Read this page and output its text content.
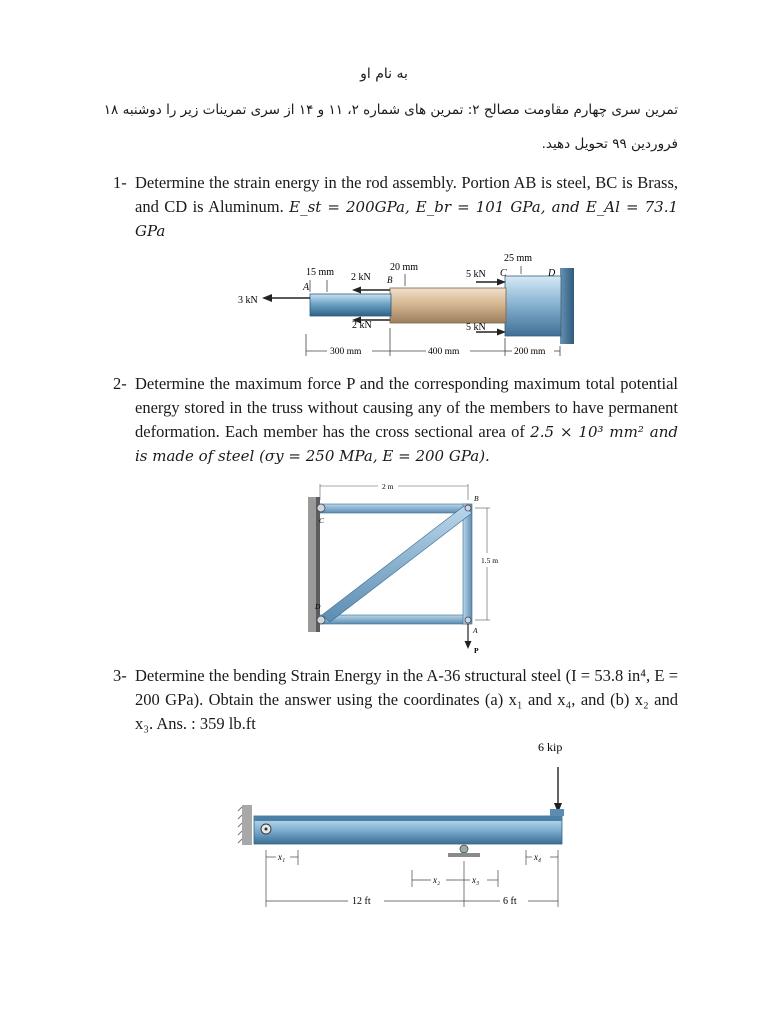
به نام او
تمرین سری چهارم مقاومت مصالح ۲: تمرین های شماره ۲، ۱۱ و ۱۴ از سری تمرینات زیر را دوشنبه ۱۸
فروردین ۹۹ تحویل دهید.
1- Determine the strain energy in the rod assembly. Portion AB is steel, BC is Brass, and CD is Aluminum. E_st = 200GPa, E_br = 101 GPa, and E_Al = 73.1 GPa
3 kN
A
B
C	D
15 mm	20 mm
25 mm
2 kN
2 kN
5 kN
5 kN
300 mm	400 mm	200 mm
2- Determine the maximum force P and the corresponding maximum total potential energy stored in the truss without causing any of the members to have permanent deformation. Each member has the cross sectional area of 2.5 × 10³ mm² and is made of steel (σy = 250 MPa, E = 200 GPa).
2 m
1.5 m
B
C
D
A
P
3- Determine the bending Strain Energy in the A-36 structural steel (I = 53.8 in⁴, E = 200 GPa). Obtain the answer using the coordinates (a) x₁ and x₄, and (b) x₂ and x₃. Ans. : 359 lb.ft
6 kip
x₁	x₄
x₂	x₃
12 ft	6 ft
